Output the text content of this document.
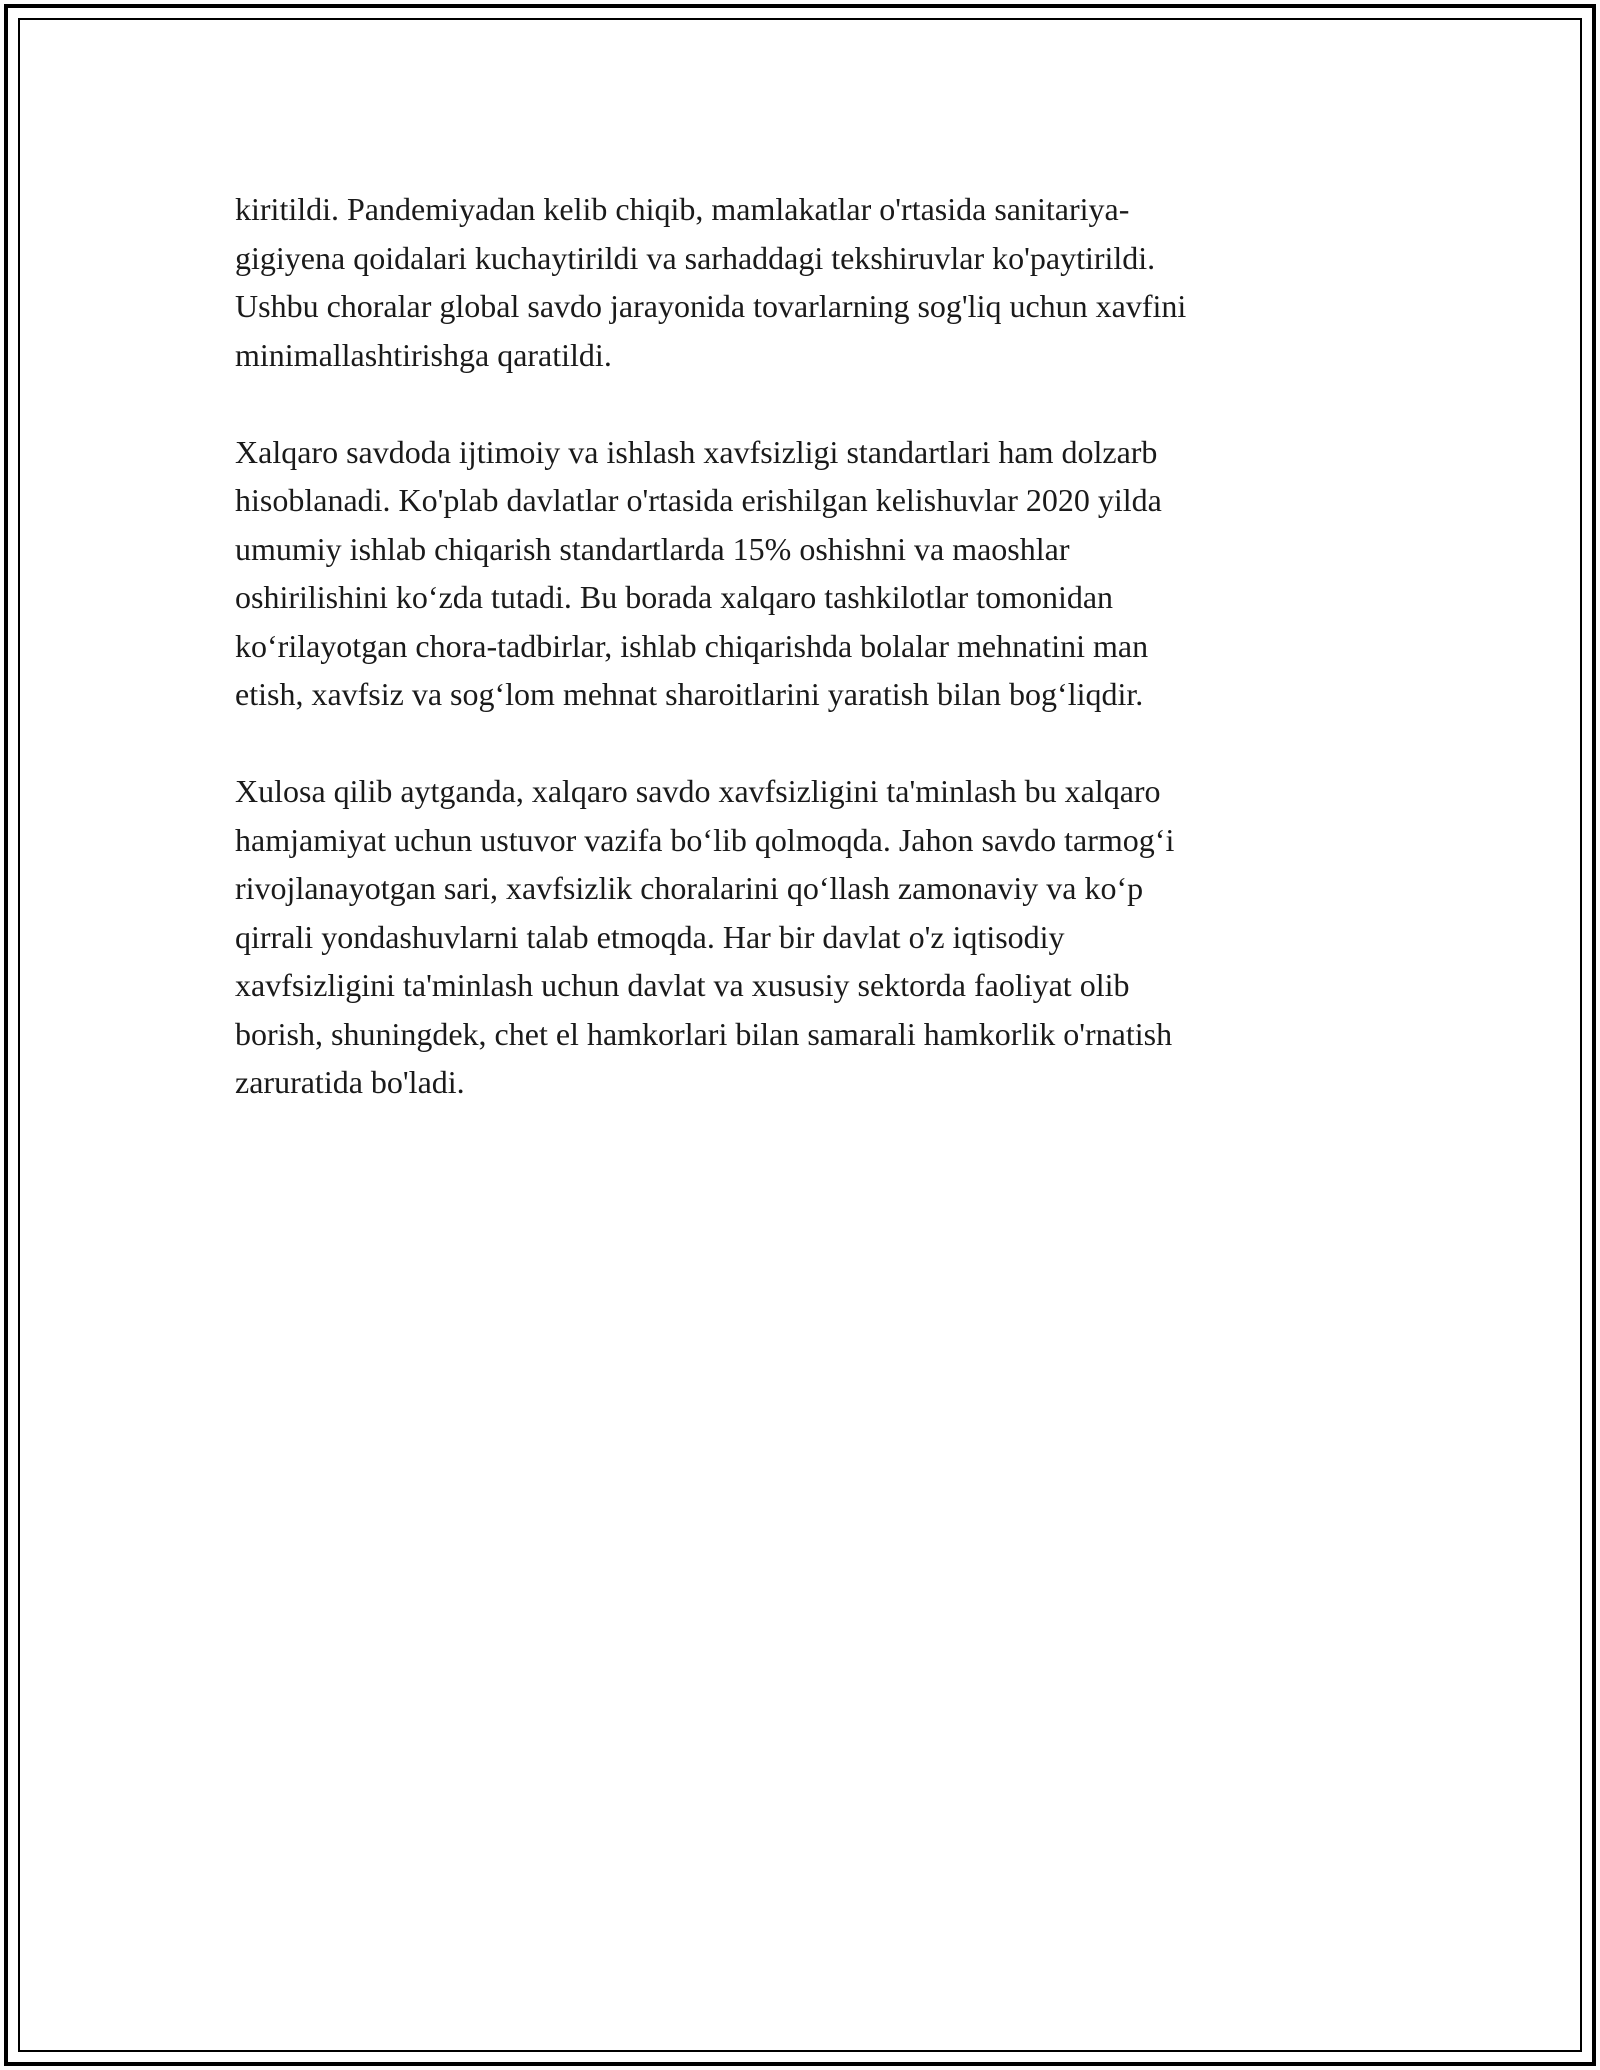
kiritildi. Pandemiyadan kelib chiqib, mamlakatlar o'rtasida sanitariya-
gigiyena qoidalari kuchaytirildi va sarhaddagi tekshiruvlar ko'paytirildi.
Ushbu choralar global savdo jarayonida tovarlarning sog'liq uchun xavfini
minimallashtirishga qaratildi.

Xalqaro savdoda ijtimoiy va ishlash xavfsizligi standartlari ham dolzarb
hisoblanadi. Ko'plab davlatlar o'rtasida erishilgan kelishuvlar 2020 yilda
umumiy ishlab chiqarish standartlarda 15% oshishni va maoshlar
oshirilishini ko‘zda tutadi. Bu borada xalqaro tashkilotlar tomonidan
ko‘rilayotgan chora-tadbirlar, ishlab chiqarishda bolalar mehnatini man
etish, xavfsiz va sog‘lom mehnat sharoitlarini yaratish bilan bog‘liqdir.

Xulosa qilib aytganda, xalqaro savdo xavfsizligini ta'minlash bu xalqaro
hamjamiyat uchun ustuvor vazifa bo‘lib qolmoqda. Jahon savdo tarmog‘i
rivojlanayotgan sari, xavfsizlik choralarini qo‘llash zamonaviy va ko‘p
qirrali yondashuvlarni talab etmoqda. Har bir davlat o'z iqtisodiy
xavfsizligini ta'minlash uchun davlat va xususiy sektorda faoliyat olib
borish, shuningdek, chet el hamkorlari bilan samarali hamkorlik o'rnatish
zaruratida bo'ladi.
